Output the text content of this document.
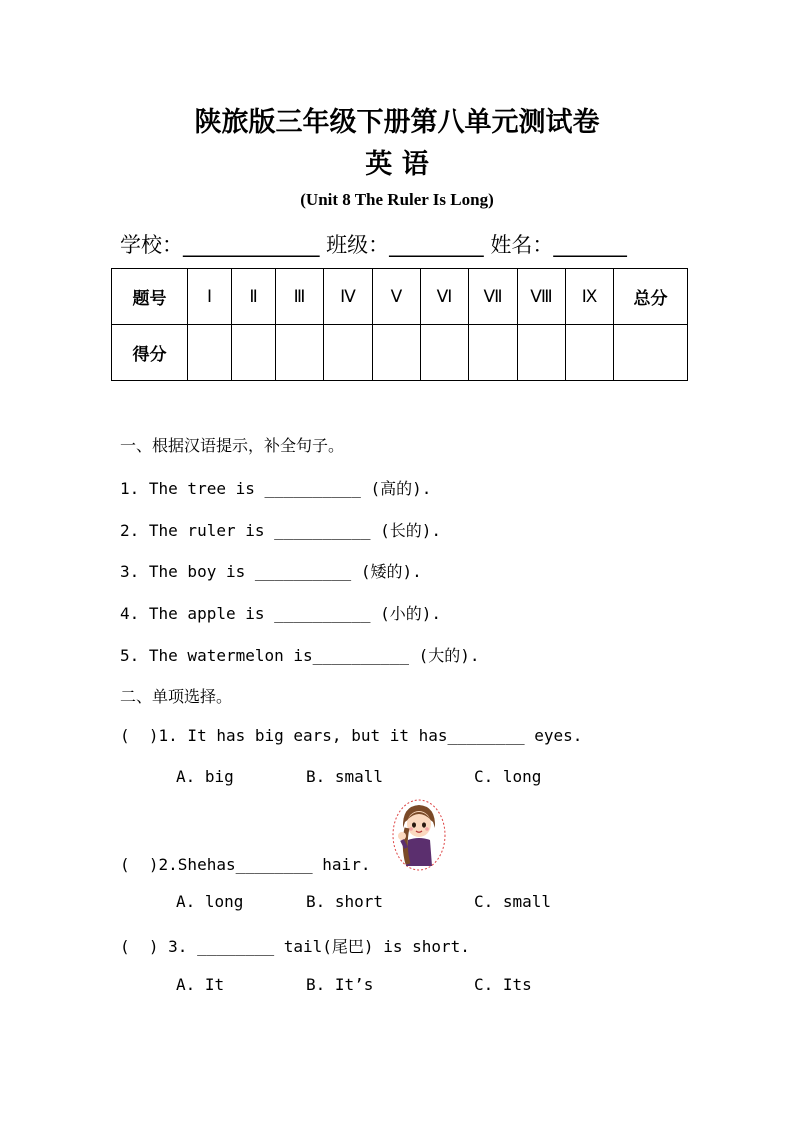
陕旅版三年级下册第八单元测试卷
英 语
(Unit 8 The Ruler Is Long)
学校：_____________ 班级：_________ 姓名：_______
题号	Ⅰ	Ⅱ	Ⅲ	Ⅳ	Ⅴ	Ⅵ	Ⅶ	Ⅷ	Ⅸ	总分
得分										
一、根据汉语提示，补全句子。
1. The tree is __________ (高的).
2. The ruler is __________ (长的).
3. The boy is __________ (矮的).
4. The apple is __________ (小的).
5. The watermelon is__________ (大的).
二、单项选择。
(  )1. It has big ears, but it has________ eyes.
A. big	B. small	C. long
(  )2.Shehas________ hair.
A. long	B. short	C. small
(  ) 3. ________ tail(尾巴) is short.
A. It	B. It’s	C. Its
